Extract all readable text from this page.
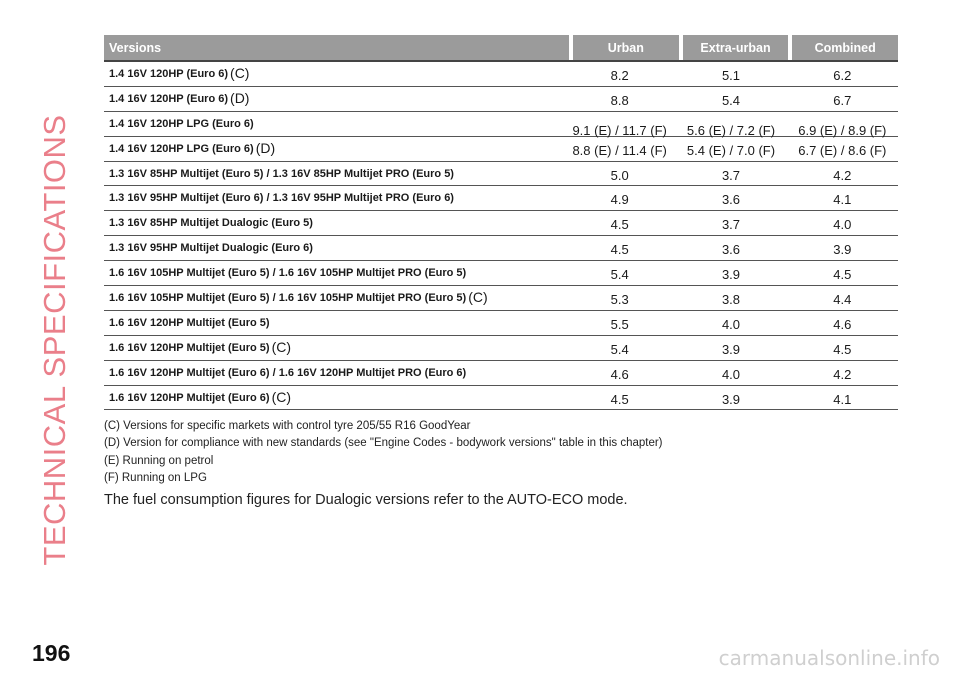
TECHNICAL SPECIFICATIONS
Versions	Urban	Extra-urban	Combined
1.4 16V 120HP (Euro 6) (C)	8.2	5.1	6.2
1.4 16V 120HP (Euro 6) (D)	8.8	5.4	6.7
1.4 16V 120HP LPG (Euro 6)	9.1 (E) / 11.7 (F)	5.6 (E) / 7.2 (F)	6.9 (E) / 8.9 (F)
1.4 16V 120HP LPG (Euro 6) (D)	8.8 (E) / 11.4 (F)	5.4 (E) / 7.0 (F)	6.7 (E) / 8.6 (F)
1.3 16V 85HP Multijet (Euro 5) / 1.3 16V 85HP Multijet PRO (Euro 5)	5.0	3.7	4.2
1.3 16V 95HP Multijet (Euro 6) / 1.3 16V 95HP Multijet PRO (Euro 6)	4.9	3.6	4.1
1.3 16V 85HP Multijet Dualogic (Euro 5)	4.5	3.7	4.0
1.3 16V 95HP Multijet Dualogic (Euro 6)	4.5	3.6	3.9
1.6 16V 105HP Multijet (Euro 5) / 1.6 16V 105HP Multijet PRO (Euro 5)	5.4	3.9	4.5
1.6 16V 105HP Multijet (Euro 5) / 1.6 16V 105HP Multijet PRO (Euro 5) (C)	5.3	3.8	4.4
1.6 16V 120HP Multijet (Euro 5)	5.5	4.0	4.6
1.6 16V 120HP Multijet (Euro 5) (C)	5.4	3.9	4.5
1.6 16V 120HP Multijet (Euro 6) / 1.6 16V 120HP Multijet PRO (Euro 6)	4.6	4.0	4.2
1.6 16V 120HP Multijet (Euro 6) (C)	4.5	3.9	4.1
(C) Versions for specific markets with control tyre 205/55 R16 GoodYear
(D) Version for compliance with new standards (see "Engine Codes - bodywork versions" table in this chapter)
(E) Running on petrol
(F) Running on LPG
The fuel consumption figures for Dualogic versions refer to the AUTO-ECO mode.
196	carmanualsonline.info
